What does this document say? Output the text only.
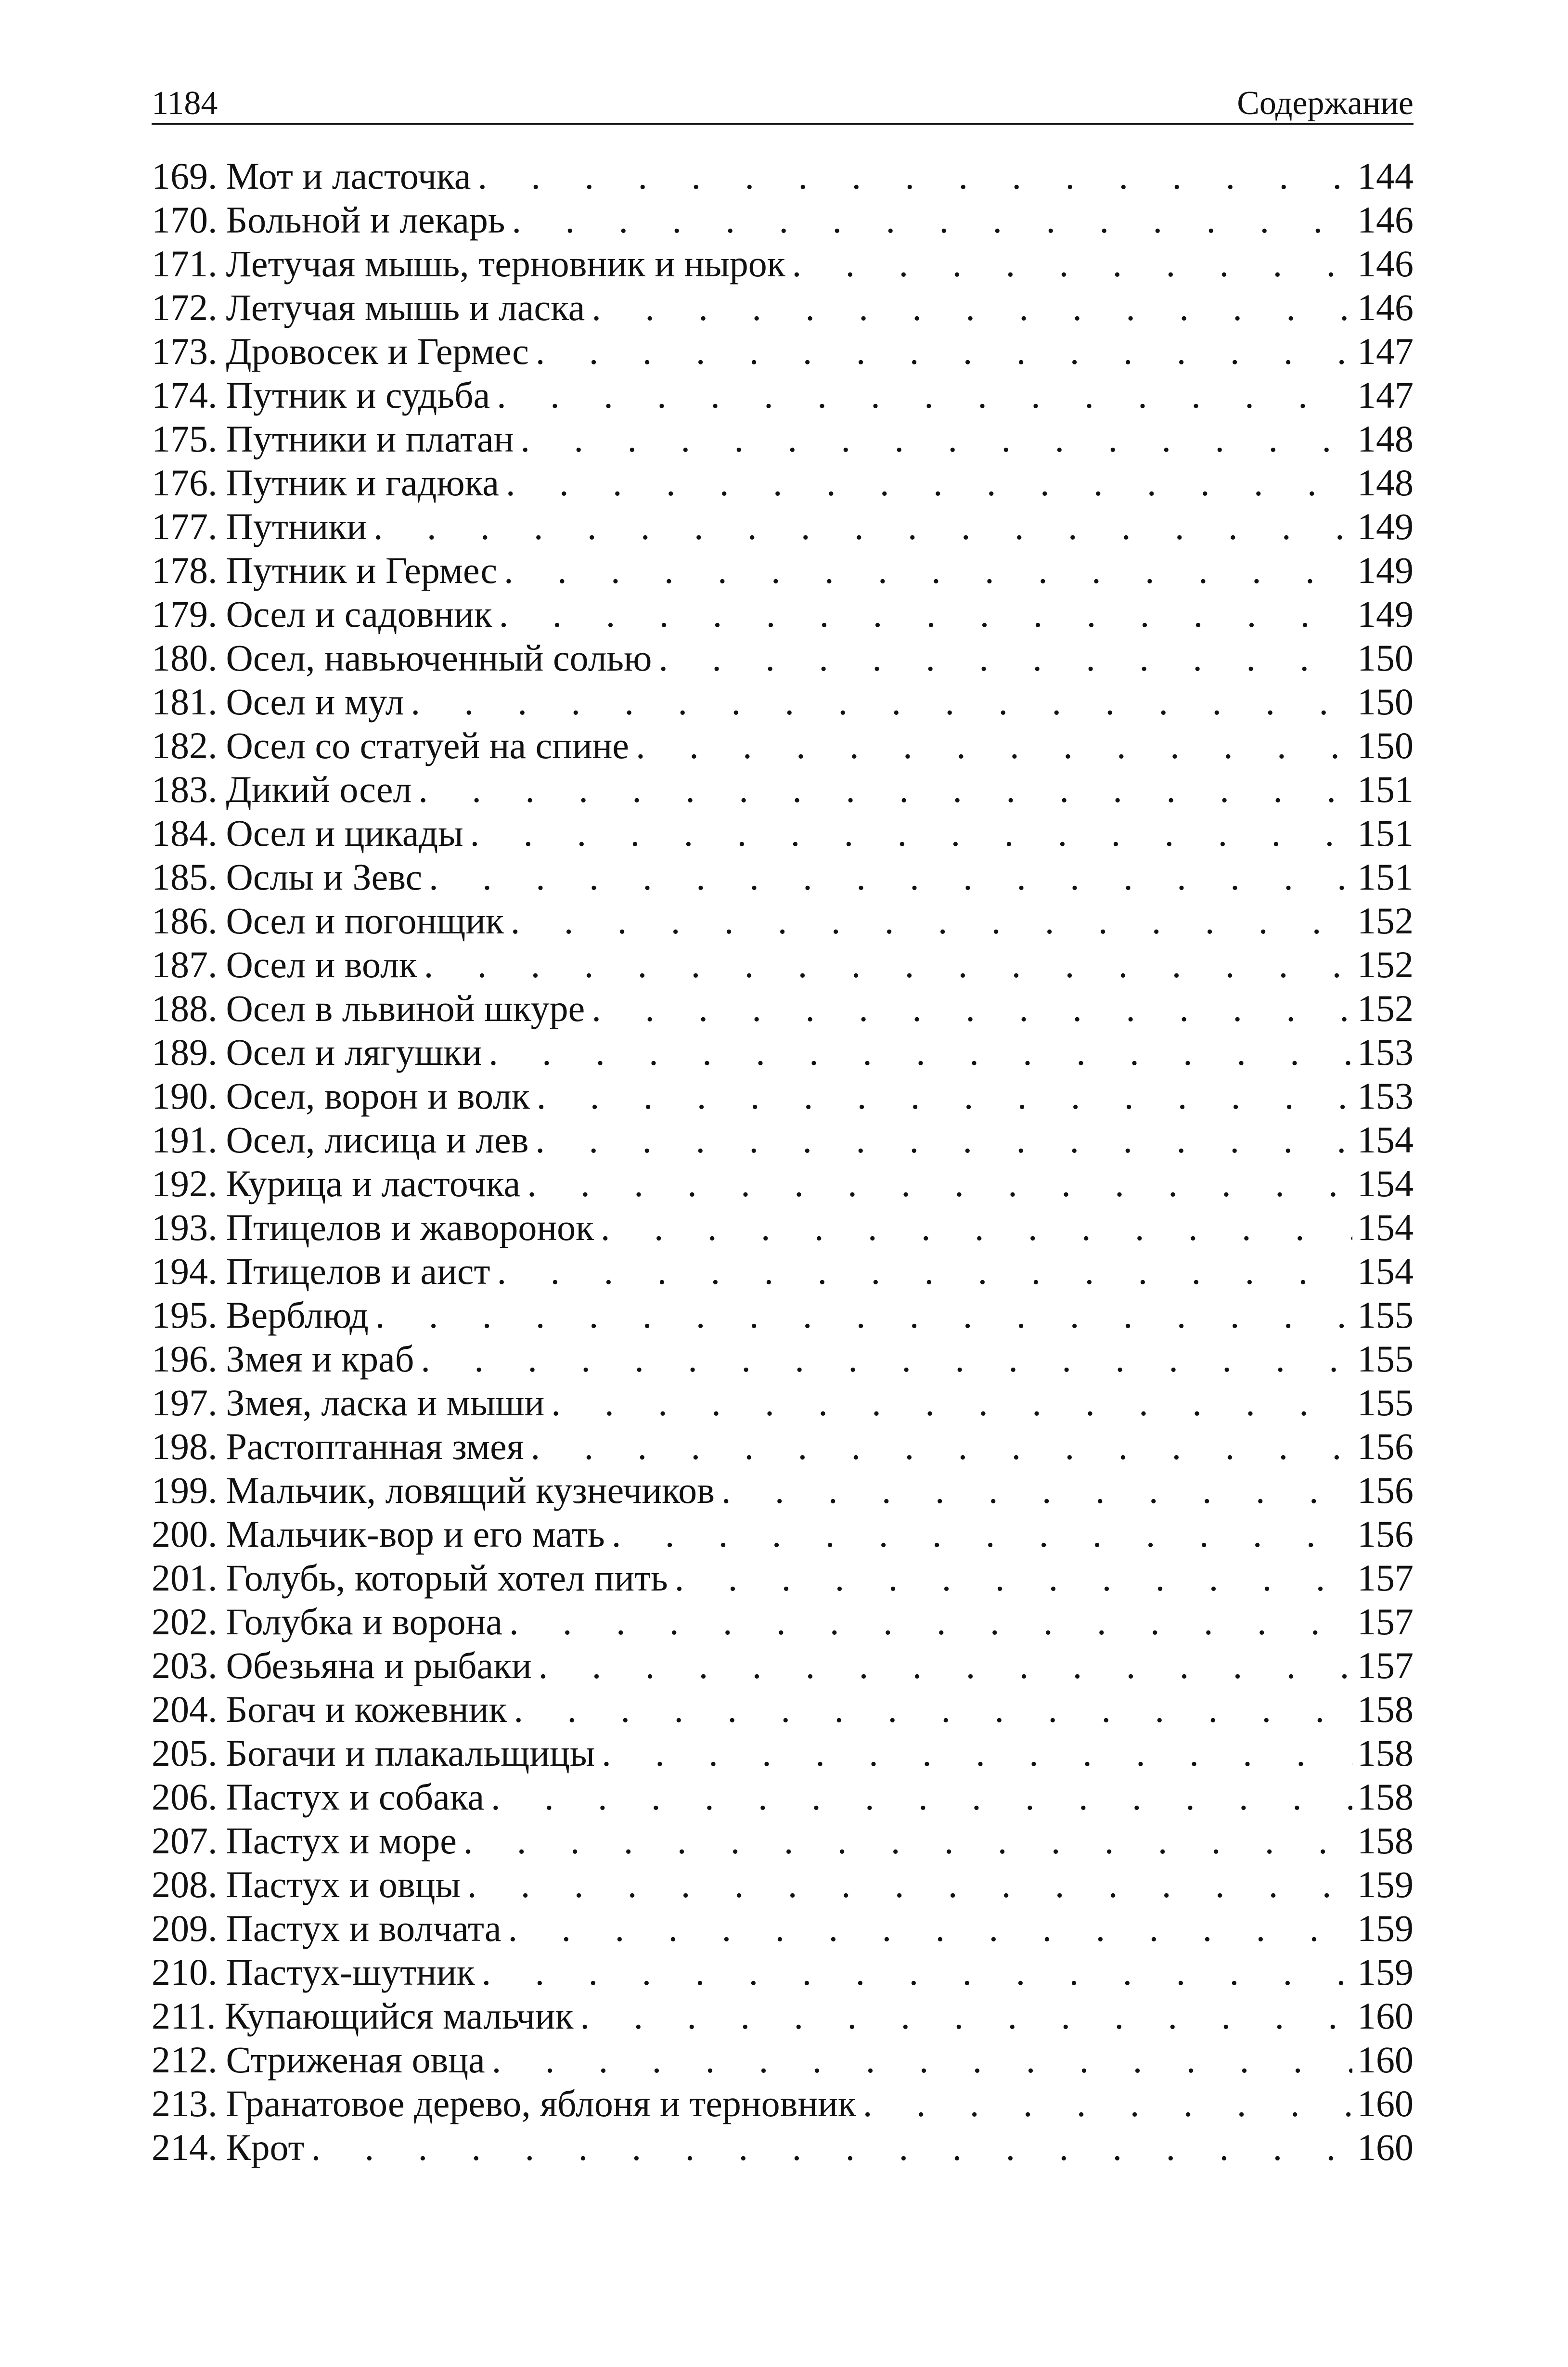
1184	Содержание
169. Мот и ласточка . . .	144
170. Больной и лекарь . . .	146
171. Летучая мышь, терновник и нырок . . .	146
172. Летучая мышь и ласка . . .	146
173. Дровосек и Гермес . . .	147
174. Путник и судьба . . .	147
175. Путники и платан . . .	148
176. Путник и гадюка . . .	148
177. Путники . . .	149
178. Путник и Гермес . . .	149
179. Осел и садовник . . .	149
180. Осел, навьюченный солью . . .	150
181. Осел и мул . . .	150
182. Осел со статуей на спине . . .	150
183. Дикий осел . . .	151
184. Осел и цикады . . .	151
185. Ослы и Зевс . . .	151
186. Осел и погонщик . . .	152
187. Осел и волк . . .	152
188. Осел в львиной шкуре . . .	152
189. Осел и лягушки . . .	153
190. Осел, ворон и волк . . .	153
191. Осел, лисица и лев . . .	154
192. Курица и ласточка . . .	154
193. Птицелов и жаворонок . . .	154
194. Птицелов и аист . . .	154
195. Верблюд . . .	155
196. Змея и краб . . .	155
197. Змея, ласка и мыши . . .	155
198. Растоптанная змея . . .	156
199. Мальчик, ловящий кузнечиков . . .	156
200. Мальчик-вор и его мать . . .	156
201. Голубь, который хотел пить . . .	157
202. Голубка и ворона . . .	157
203. Обезьяна и рыбаки . . .	157
204. Богач и кожевник . . .	158
205. Богачи и плакальщицы . . .	158
206. Пастух и собака . . .	158
207. Пастух и море . . .	158
208. Пастух и овцы . . .	159
209. Пастух и волчата . . .	159
210. Пастух-шутник . . .	159
211. Купающийся мальчик . . .	160
212. Стриженая овца . . .	160
213. Гранатовое дерево, яблоня и терновник . . .	160
214. Крот . . .	160
